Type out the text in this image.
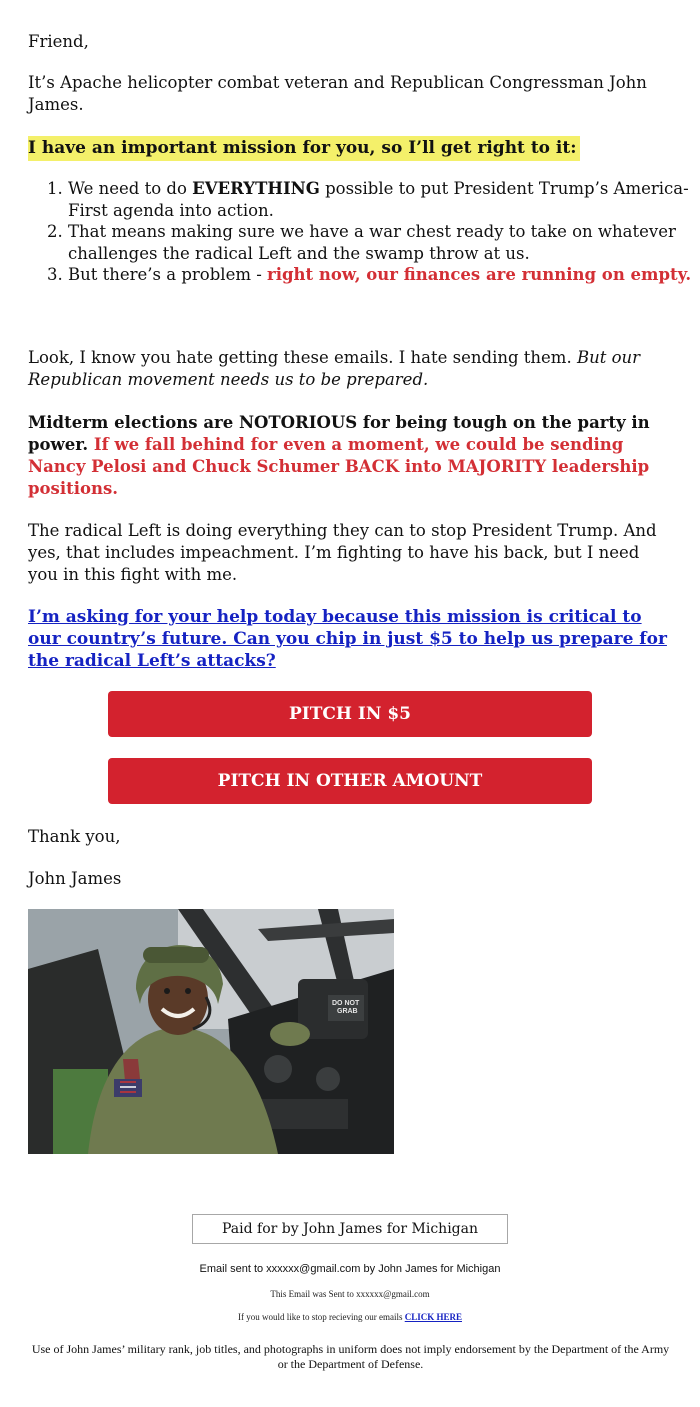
Friend,

It’s Apache helicopter combat veteran and Republican Congressman John James.

I have an important mission for you, so I’ll get right to it:

1. We need to do EVERYTHING possible to put President Trump’s America-First agenda into action.
2. That means making sure we have a war chest ready to take on whatever challenges the radical Left and the swamp throw at us.
3. But there’s a problem - right now, our finances are running on empty.

Look, I know you hate getting these emails. I hate sending them. But our Republican movement needs us to be prepared.

Midterm elections are NOTORIOUS for being tough on the party in power. If we fall behind for even a moment, we could be sending Nancy Pelosi and Chuck Schumer BACK into MAJORITY leadership positions.

The radical Left is doing everything they can to stop President Trump. And yes, that includes impeachment. I’m fighting to have his back, but I need you in this fight with me.

I’m asking for your help today because this mission is critical to our country’s future. Can you chip in just $5 to help us prepare for the radical Left’s attacks?

PITCH IN $5
PITCH IN OTHER AMOUNT

Thank you,

John James

DO NOT
GRAB
Paid for by John James for Michigan
Email sent to xxxxxx@gmail.com by John James for Michigan
This Email was Sent to xxxxxx@gmail.com
If you would like to stop recieving our emails CLICK HERE
Use of John James’ military rank, job titles, and photographs in uniform does not imply endorsement by the Department of the Army or the Department of Defense.
